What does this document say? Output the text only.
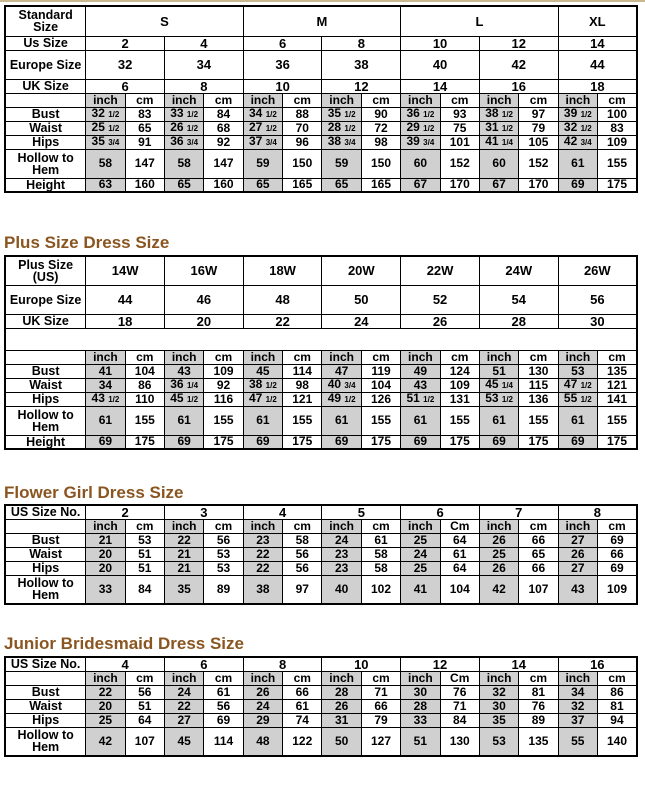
Standard Size	S				M				L				XL	
Us Size	2		4		6		8		10		12		14	
Europe Size	32		34		36		38		40		42		44	
UK Size	6		8		10		12		14		16		18	
	inch	cm	inch	cm	inch	cm	inch	cm	inch	cm	inch	cm	inch	cm
Bust	32 1/2	83	33 1/2	84	34 1/2	88	35 1/2	90	36 1/2	93	38 1/2	97	39 1/2	100
Waist	25 1/2	65	26 1/2	68	27 1/2	70	28 1/2	72	29 1/2	75	31 1/2	79	32 1/2	83
Hips	35 3/4	91	36 3/4	92	37 3/4	96	38 3/4	98	39 3/4	101	41 1/4	105	42 3/4	109
Hollow to Hem	58	147	58	147	59	150	59	150	60	152	60	152	61	155
Height	63	160	65	160	65	165	65	165	67	170	67	170	69	175
Plus Size Dress Size
Plus Size (US)	14W		16W		18W		20W		22W		24W		26W	
Europe Size	44		46		48		50		52		54		56	
UK Size	18		20		22		24		26		28		30	

	inch	cm	inch	cm	inch	cm	inch	cm	inch	cm	inch	cm	inch	cm
Bust	41	104	43	109	45	114	47	119	49	124	51	130	53	135
Waist	34	86	36 1/4	92	38 1/2	98	40 3/4	104	43	109	45 1/4	115	47 1/2	121
Hips	43 1/2	110	45 1/2	116	47 1/2	121	49 1/2	126	51 1/2	131	53 1/2	136	55 1/2	141
Hollow to Hem	61	155	61	155	61	155	61	155	61	155	61	155	61	155
Height	69	175	69	175	69	175	69	175	69	175	69	175	69	175
Flower Girl Dress Size
US Size No.	2		3		4		5		6		7		8	
	inch	cm	inch	cm	inch	cm	inch	cm	inch	Cm	inch	cm	inch	cm
Bust	21	53	22	56	23	58	24	61	25	64	26	66	27	69
Waist	20	51	21	53	22	56	23	58	24	61	25	65	26	66
Hips	20	51	21	53	22	56	23	58	25	64	26	66	27	69
Hollow to Hem	33	84	35	89	38	97	40	102	41	104	42	107	43	109
Junior Bridesmaid Dress Size
US Size No.	4		6		8		10		12		14		16	
	inch	cm	inch	cm	inch	cm	inch	cm	inch	Cm	inch	cm	inch	cm
Bust	22	56	24	61	26	66	28	71	30	76	32	81	34	86
Waist	20	51	22	56	24	61	26	66	28	71	30	76	32	81
Hips	25	64	27	69	29	74	31	79	33	84	35	89	37	94
Hollow to Hem	42	107	45	114	48	122	50	127	51	130	53	135	55	140
